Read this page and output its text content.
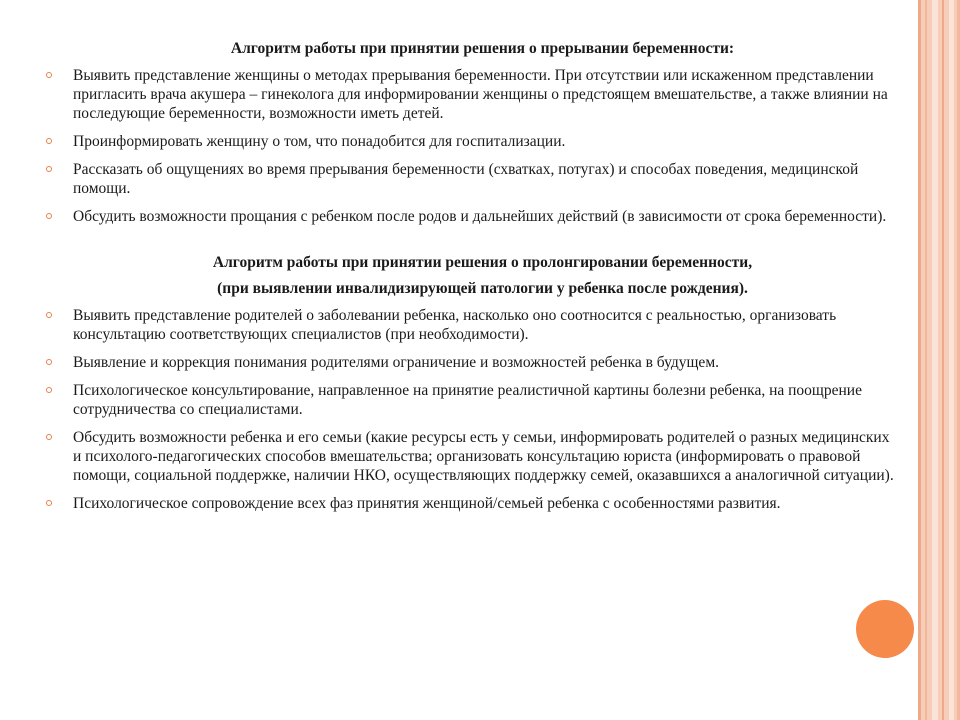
Алгоритм работы при принятии решения о прерывании беременности:
Выявить представление женщины о методах прерывания беременности. При отсутствии или искаженном представлении пригласить врача акушера – гинеколога для информировании женщины о предстоящем вмешательстве, а также влиянии на последующие беременности, возможности иметь детей.
Проинформировать женщину о том, что понадобится для госпитализации.
Рассказать об ощущениях во время прерывания беременности (схватках, потугах) и способах поведения, медицинской помощи.
Обсудить возможности прощания с ребенком после родов и дальнейших действий (в зависимости от срока беременности).
Алгоритм работы при принятии решения о пролонгировании беременности,
(при выявлении инвалидизирующей патологии у ребенка после рождения).
Выявить представление родителей о заболевании ребенка, насколько оно соотносится с реальностью, организовать консультацию соответствующих специалистов (при необходимости).
Выявление и коррекция понимания родителями ограничение и возможностей ребенка в будущем.
Психологическое консультирование, направленное на принятие реалистичной картины болезни ребенка, на поощрение сотрудничества со специалистами.
Обсудить возможности ребенка и его семьи (какие ресурсы есть у семьи, информировать родителей о разных медицинских и психолого-педагогических способов вмешательства; организовать консультацию юриста (информировать о правовой помощи, социальной поддержке, наличии НКО, осуществляющих поддержку семей, оказавшихся а аналогичной ситуации).
Психологическое сопровождение всех фаз принятия женщиной/семьей ребенка с особенностями развития.
